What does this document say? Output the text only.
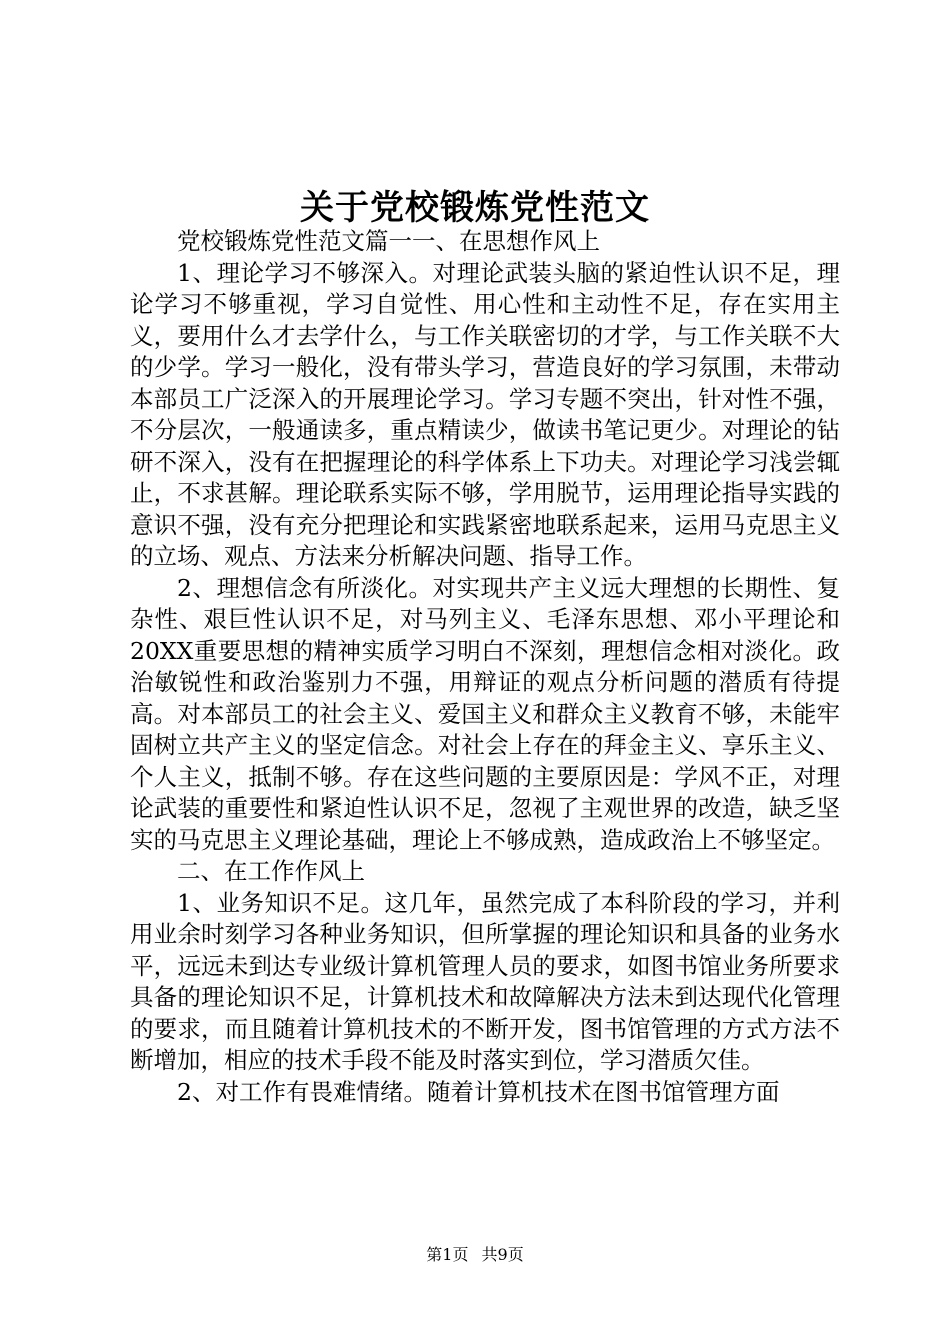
关于党校锻炼党性范文

党校锻炼党性范文篇一一、在思想作风上

1、理论学习不够深入。对理论武装头脑的紧迫性认识不足，理论学习不够重视，学习自觉性、用心性和主动性不足，存在实用主义，要用什么才去学什么，与工作关联密切的才学，与工作关联不大的少学。学习一般化，没有带头学习，营造良好的学习氛围，未带动本部员工广泛深入的开展理论学习。学习专题不突出，针对性不强，不分层次，一般通读多，重点精读少，做读书笔记更少。对理论的钻研不深入，没有在把握理论的科学体系上下功夫。对理论学习浅尝辄止，不求甚解。理论联系实际不够，学用脱节，运用理论指导实践的意识不强，没有充分把理论和实践紧密地联系起来，运用马克思主义的立场、观点、方法来分析解决问题、指导工作。

2、理想信念有所淡化。对实现共产主义远大理想的长期性、复杂性、艰巨性认识不足，对马列主义、毛泽东思想、邓小平理论和20XX重要思想的精神实质学习明白不深刻，理想信念相对淡化。政治敏锐性和政治鉴别力不强，用辩证的观点分析问题的潜质有待提高。对本部员工的社会主义、爱国主义和群众主义教育不够，未能牢固树立共产主义的坚定信念。对社会上存在的拜金主义、享乐主义、个人主义，抵制不够。存在这些问题的主要原因是：学风不正，对理论武装的重要性和紧迫性认识不足，忽视了主观世界的改造，缺乏坚实的马克思主义理论基础，理论上不够成熟，造成政治上不够坚定。

二、在工作作风上

1、业务知识不足。这几年，虽然完成了本科阶段的学习，并利用业余时刻学习各种业务知识，但所掌握的理论知识和具备的业务水平，远远未到达专业级计算机管理人员的要求，如图书馆业务所要求具备的理论知识不足，计算机技术和故障解决方法未到达现代化管理的要求，而且随着计算机技术的不断开发，图书馆管理的方式方法不断增加，相应的技术手段不能及时落实到位，学习潜质欠佳。

2、对工作有畏难情绪。随着计算机技术在图书馆管理方面

第1页 共9页
